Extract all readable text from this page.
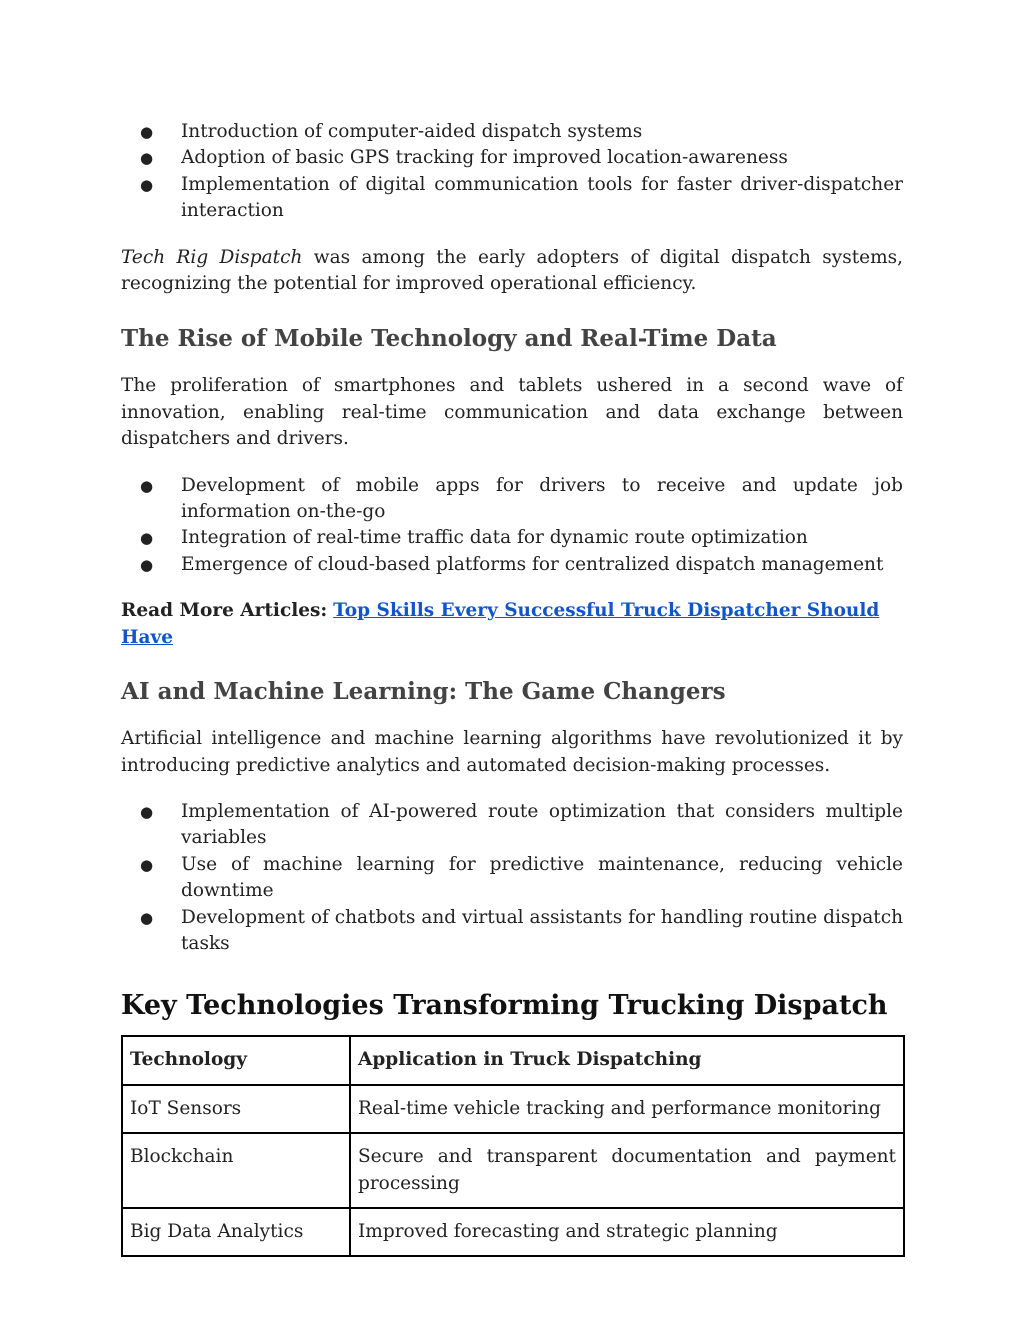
● Introduction of computer-aided dispatch systems
● Adoption of basic GPS tracking for improved location-awareness
● Implementation of digital communication tools for faster driver-dispatcher interaction

Tech Rig Dispatch was among the early adopters of digital dispatch systems, recognizing the potential for improved operational efficiency.

The Rise of Mobile Technology and Real-Time Data

The proliferation of smartphones and tablets ushered in a second wave of innovation, enabling real-time communication and data exchange between dispatchers and drivers.

● Development of mobile apps for drivers to receive and update job information on-the-go
● Integration of real-time traffic data for dynamic route optimization
● Emergence of cloud-based platforms for centralized dispatch management

Read More Articles: Top Skills Every Successful Truck Dispatcher Should Have

AI and Machine Learning: The Game Changers

Artificial intelligence and machine learning algorithms have revolutionized it by introducing predictive analytics and automated decision-making processes.

● Implementation of AI-powered route optimization that considers multiple variables
● Use of machine learning for predictive maintenance, reducing vehicle downtime
● Development of chatbots and virtual assistants for handling routine dispatch tasks
Key Technologies Transforming Trucking Dispatch
Technology	Application in Truck Dispatching
IoT Sensors	Real-time vehicle tracking and performance monitoring
Blockchain	Secure and transparent documentation and payment processing
Big Data Analytics	Improved forecasting and strategic planning
